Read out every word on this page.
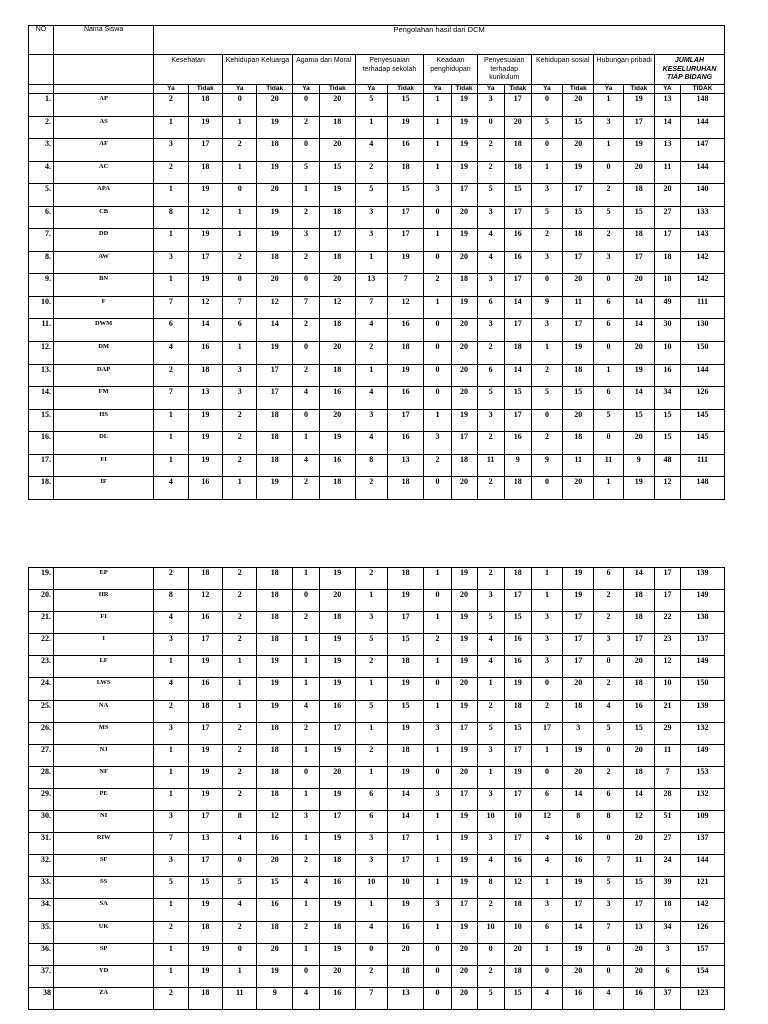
NO	Nama Siswa	Pengolahan hasil dari DCM																	
		Kesehatan		Kehidupan Keluarga		Agama dan Moral		Penyesuaian terhadap sekolah		Keadaan penghidupan		Penyesuaian terhadap kurikulum		Kehidupan sosial		Hubungan pribadi		JUMLAH KESELURUHAN TIAP BIDANG	
		Ya	Tidak	Ya	Tidak	Ya	Tidak	Ya	Tidak	Ya	Tidak	Ya	Tidak	Ya	Tidak	Ya	Tidak	YA	TIDAK
1.	AP	2	18	0	20	0	20	5	15	1	19	3	17	0	20	1	19	13	148
2.	AS	1	19	1	19	2	18	1	19	1	19	0	20	5	15	3	17	14	144
3.	AF	3	17	2	18	0	20	4	16	1	19	2	18	0	20	1	19	13	147
4.	AC	2	18	1	19	5	15	2	18	1	19	2	18	1	19	0	20	11	144
5.	APA	1	19	0	20	1	19	5	15	3	17	5	15	3	17	2	18	20	140
6.	CB	8	12	1	19	2	18	3	17	0	20	3	17	5	15	5	15	27	133
7.	DD	1	19	1	19	3	17	3	17	1	19	4	16	2	18	2	18	17	143
8.	AW	3	17	2	18	2	18	1	19	0	20	4	16	3	17	3	17	18	142
9.	BN	1	19	0	20	0	20	13	7	2	18	3	17	0	20	0	20	18	142
10.	F	7	12	7	12	7	12	7	12	1	19	6	14	9	11	6	14	49	111
11.	DWM	6	14	6	14	2	18	4	16	0	20	3	17	3	17	6	14	30	130
12.	DM	4	16	1	19	0	20	2	18	0	20	2	18	1	19	0	20	10	150
13.	DAP	2	18	3	17	2	18	1	19	0	20	6	14	2	18	1	19	16	144
14.	FM	7	13	3	17	4	16	4	16	0	20	5	15	5	15	6	14	34	126
15.	HS	1	19	2	18	0	20	3	17	1	19	3	17	0	20	5	15	15	145
16.	DL	1	19	2	18	1	19	4	16	3	17	2	16	2	18	0	20	15	145
17.	FI	1	19	2	18	4	16	8	13	2	18	11	9	9	11	11	9	48	111
18.	IF	4	16	1	19	2	18	2	18	0	20	2	18	0	20	1	19	12	148
19.	EP	2	18	2	18	1	19	2	18	1	19	2	18	1	19	6	14	17	139
20.	HR	8	12	2	18	0	20	1	19	0	20	3	17	1	19	2	18	17	149
21.	FI	4	16	2	18	2	18	3	17	1	19	5	15	3	17	2	18	22	138
22.	I	3	17	2	18	1	19	5	15	2	19	4	16	3	17	3	17	23	137
23.	LF	1	19	1	19	1	19	2	18	1	19	4	16	3	17	0	20	12	149
24.	LWS	4	16	1	19	1	19	1	19	0	20	1	19	0	20	2	18	10	150
25.	NA	2	18	1	19	4	16	5	15	1	19	2	18	2	18	4	16	21	139
26.	MS	3	17	2	18	2	17	1	19	3	17	5	15	17	3	5	15	29	132
27.	NJ	1	19	2	18	1	19	2	18	1	19	3	17	1	19	0	20	11	149
28.	NF	1	19	2	18	0	20	1	19	0	20	1	19	0	20	2	18	7	153
29.	PE	1	19	2	18	1	19	6	14	3	17	3	17	6	14	6	14	28	132
30.	NI	3	17	8	12	3	17	6	14	1	19	10	10	12	8	8	12	51	109
31.	RIW	7	13	4	16	1	19	3	17	1	19	3	17	4	16	0	20	27	137
32.	SF	3	17	0	20	2	18	3	17	1	19	4	16	4	16	7	11	24	144
33.	SS	5	15	5	15	4	16	10	10	1	19	8	12	1	19	5	15	39	121
34.	SA	1	19	4	16	1	19	1	19	3	17	2	18	3	17	3	17	18	142
35.	UK	2	18	2	18	2	18	4	16	1	19	10	10	6	14	7	13	34	126
36.	SP	1	19	0	20	1	19	0	20	0	20	0	20	1	19	0	20	3	157
37.	YD	1	19	1	19	0	20	2	18	0	20	2	18	0	20	0	20	6	154
38	ZA	2	18	11	9	4	16	7	13	0	20	5	15	4	16	4	16	37	123
